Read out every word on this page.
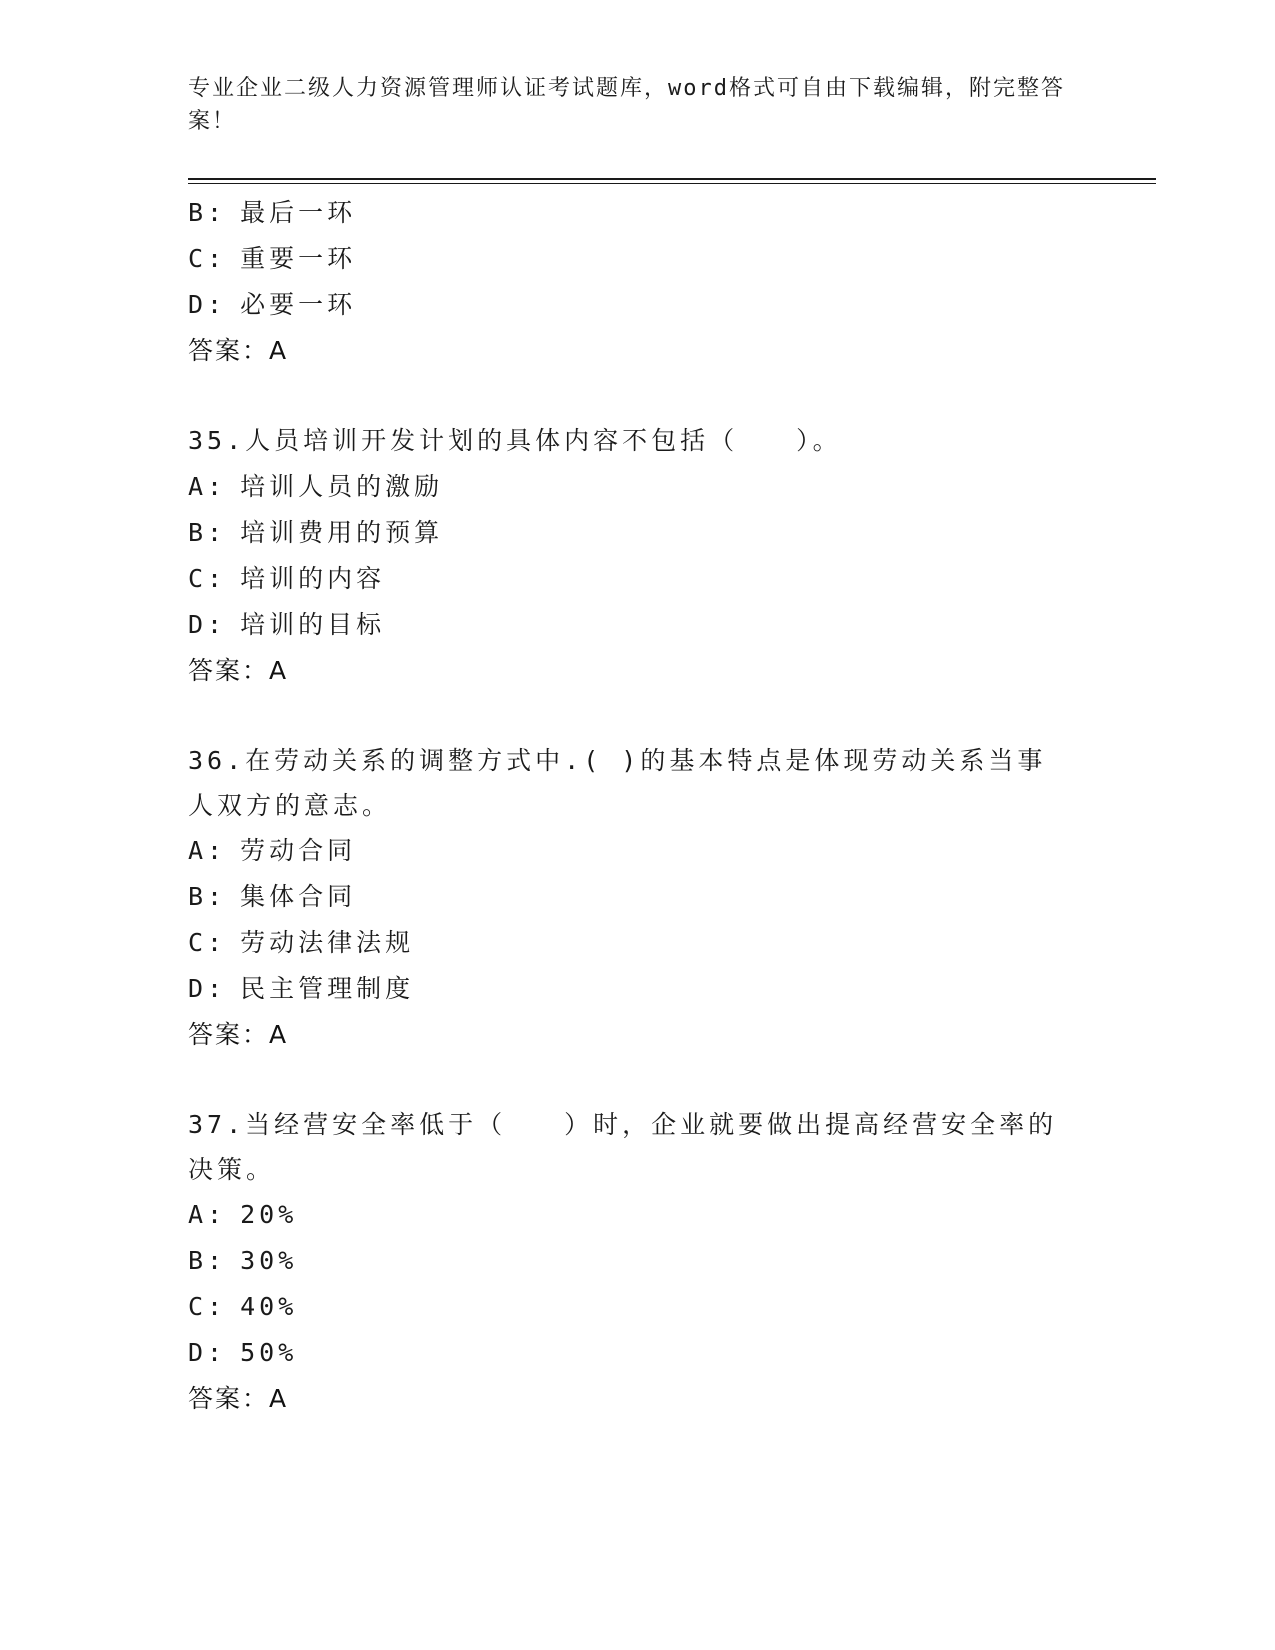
专业企业二级人力资源管理师认证考试题库，word格式可自由下载编辑，附完整答案！
B: 最后一环
C: 重要一环
D: 必要一环
答案：A
35.人员培训开发计划的具体内容不包括（　　）。
A: 培训人员的激励
B: 培训费用的预算
C: 培训的内容
D: 培训的目标
答案：A
36.在劳动关系的调整方式中.( )的基本特点是体现劳动关系当事人双方的意志。
A: 劳动合同
B: 集体合同
C: 劳动法律法规
D: 民主管理制度
答案：A
37.当经营安全率低于（　　）时，企业就要做出提高经营安全率的决策。
A: 20%
B: 30%
C: 40%
D: 50%
答案：A
